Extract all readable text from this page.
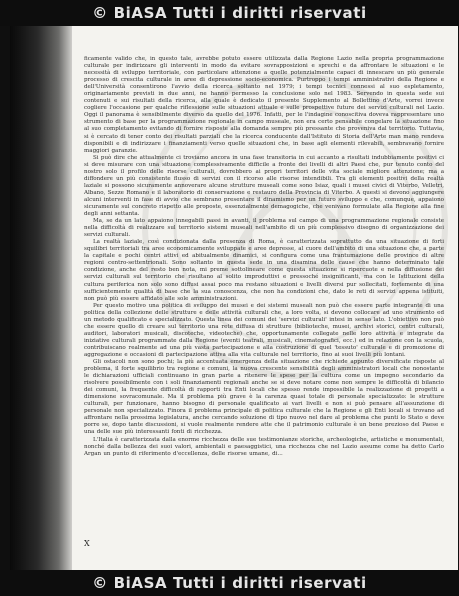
© BiASA Tutti i diritti riservati

ficamente valido che, in questo tale, avrebbe potuto essere utilizzata dalla Regione Lazio nella propria programmazione culturale per indirizzare gli interventi in modo da evitare sovrapposizioni e sprechi e da affrontare le situazioni e le necessità di sviluppo territoriale, con particolare attenzione a quelle potenzialmente capaci di innescare un più generale processo di crescita culturale in aree di depressione socio-economica. Purtroppo i tempi amministrativi della Regione e dell'Università consentirono l'avvio della ricerca soltanto nel 1979; i tempi tecnici connessi al suo espletamento, originariamente previsti in due anni, ne hanno permesso la conclusione solo nel 1983. Servendo in questa sede sui contenuti e sui risultati della ricerca, alla quale è dedicato il presente Supplemento al Bollettino d'Arte, vorrei invece cogliere l'occasione per qualche riflessione sulle situazioni attuale e sulle prospettive future dei servizi culturali nel Lazio. Oggi il panorama è sensibilmente diverso da quello del 1976. Infatti, per le l'indagine conoscitiva doveva rappresentare uno strumento di base per la programmazione regionale in campo museale, non era certo pensabile congelare la situazione fino al suo completamento evitando di fornire risposte alla domanda sempre più pressante che proveniva dal territorio. Tuttavia, si è cercato di tener conto dei risultati parziali che la ricerca conducente dall'Istituto di Storia dell'Arte man mano rendeva disponibili e di indirizzare i finanziamenti verso quelle situazioni che, in base agli elementi rilevabili, sembravano fornire maggiori garanzie.

Si può dire che attualmente ci troviamo ancora in una fase transitoria in cui accanto a risultati indubbiamente positivi ci si deve misurare con una situazione complessivamente difficile a fronte dei livelli di altri Paesi che, pur tenuto conto del nostro solo il profilo delle risorse culturali, dovrebbero ai propri territori delle vita sociale migliore attenzione; ma a diffondere un più consistente flusso di servizi con il ricorso alle risorse intendibili. Tra gli elementi positivi della realtà laziale si possono sicuramente annoverare alcune strutture museali come sono Isiaz, quali i musei civici di Viterbo, Velletri, Albano, Sezze Romano e il laboratorio di conservazione e restauro della Provincia di Viterbo. A questi si devono aggiungere alcuni interventi in fase di avvio che sembrano presentare il dinamismo per un futuro sviluppo e che, comunque, appaiono sicuramente sul concreto rispetto alle proposte, essenzialmente demagogiche, che venivano formulate alla Regione alla fine degli anni settanta.

Ma, se da un lato appaiono innegabili passi in avanti, il problema sul campo di una programmazione regionale consiste nella difficoltà di realizzare sul territorio sistemi museali nell'ambito di un più complessivo disegno di organizzazione dei servizi culturali.

La realtà laziale, così condizionata dalla presenza di Roma, è caratterizzata soprattutto da una situazione di forti squilibri territoriali tra aree economicamente sviluppate e aree depresse, al cuore dell'ambito di una situazione che, a parte la capitale e pochi centri attivi ed abitualmente dinamici, si configura come una frantumazione delle province di altre regioni centro-settentrionali. Sono soltanto in questa sede in una disamina delle cause che hanno determinato tale condizione, anche del resto ben nota, mi preme sottolineare come questa situazione si ripercuote e nella diffusione dei servizi culturali sul territorio che risultano al solito improduttivi e pressoché insignificanti, ma con le Istituzioni della cultura periferica non solo sono diffusi assai poco ma restano situazioni e livelli diversi pur sollecitati, fortemente di una sufficientemente qualità di base che la sua conoscenza, che non ha condizioni che, dato le reti di servizi appena istituiti, non può più essere affidato alle sole amministrazioni.

Per questo motivo una politica di sviluppo dei musei e dei sistemi museali non può che essere parte integrante di una politica della collezione delle strutture e delle attività culturali che, a loro volta, si devono collocare ad uno strumento ed un metodo qualificato e specializzato. Questa linea dei comuni dei 'servizi culturali' intesi in senso lato. L'obiettivo non può che essere quello di creare sul territorio una rete diffusa di strutture (biblioteche, musei, archivi storici, centri culturali, auditori, laboratori musicali, discoteche, videoteche) che, opportunamente collegate nelle loro attività e integrate da iniziative culturali programmate dalla Regione (eventi teatrali, musicali, cinematografici, ecc.) ed in relazione con la scuola, contribuiscano realmente ad una più vasta partecipazione e alla costruzione di quel 'tessuto' culturale e di promozione di aggregazione e occasioni di partecipazione attiva alla vita culturale nel territorio, fino ai suoi livelli più lontani.

Gli ostacoli non sono pochi; la più accentuata emergenza della situazione che richiede appunto diversificate risposte al problema, il forte squilibrio tra regione e comuni, la nuova crescente sensibilità degli amministratori locali che nonostante le dichiarazioni ufficiali continuano in gran parte a ritenere le spese per la cultura come un impegno secondario da risolvere possibilmente con i soli finanziamenti regionali anche se si deve notare come non sempre le difficoltà di bilancio dei comuni, la frequente difficoltà di rapporti tra Enti locali che spesso rende impossibile la realizzazione di progetti a dimensione sovracomunale. Ma il problema più grave è la carenza quasi totale di personale specializzato: le strutture culturali, per funzionare, hanno bisogno di personale qualificato ai vari livelli e non si può pensare all'assunzione di personale non specializzato. Finora il problema principale di politica culturale che la Regione e gli Enti locali si trovano ad affrontare nella prossima legislatura, anche cercando soluzione di tipo nuovo nel dare al problema che punti lo Stato e deve porre se, dopo tante discussioni, si vuole realmente rendere atte che il patrimonio culturale è un bene prezioso del Paese e una delle sue più interessanti fonti di ricchezza.

L'Italia è caratterizzata dalla enorme ricchezza delle sue testimonianze storiche, archeologiche, artistiche e monumentali, nonché dalla bellezza dei suoi valori, ambientali e paesaggistici, una ricchezza che nel Lazio assume come ha detto Carlo Argan un punto di riferimento d'eccellenza, delle risorse umane, di...

X
© BiASA Tutti i diritti riservati
